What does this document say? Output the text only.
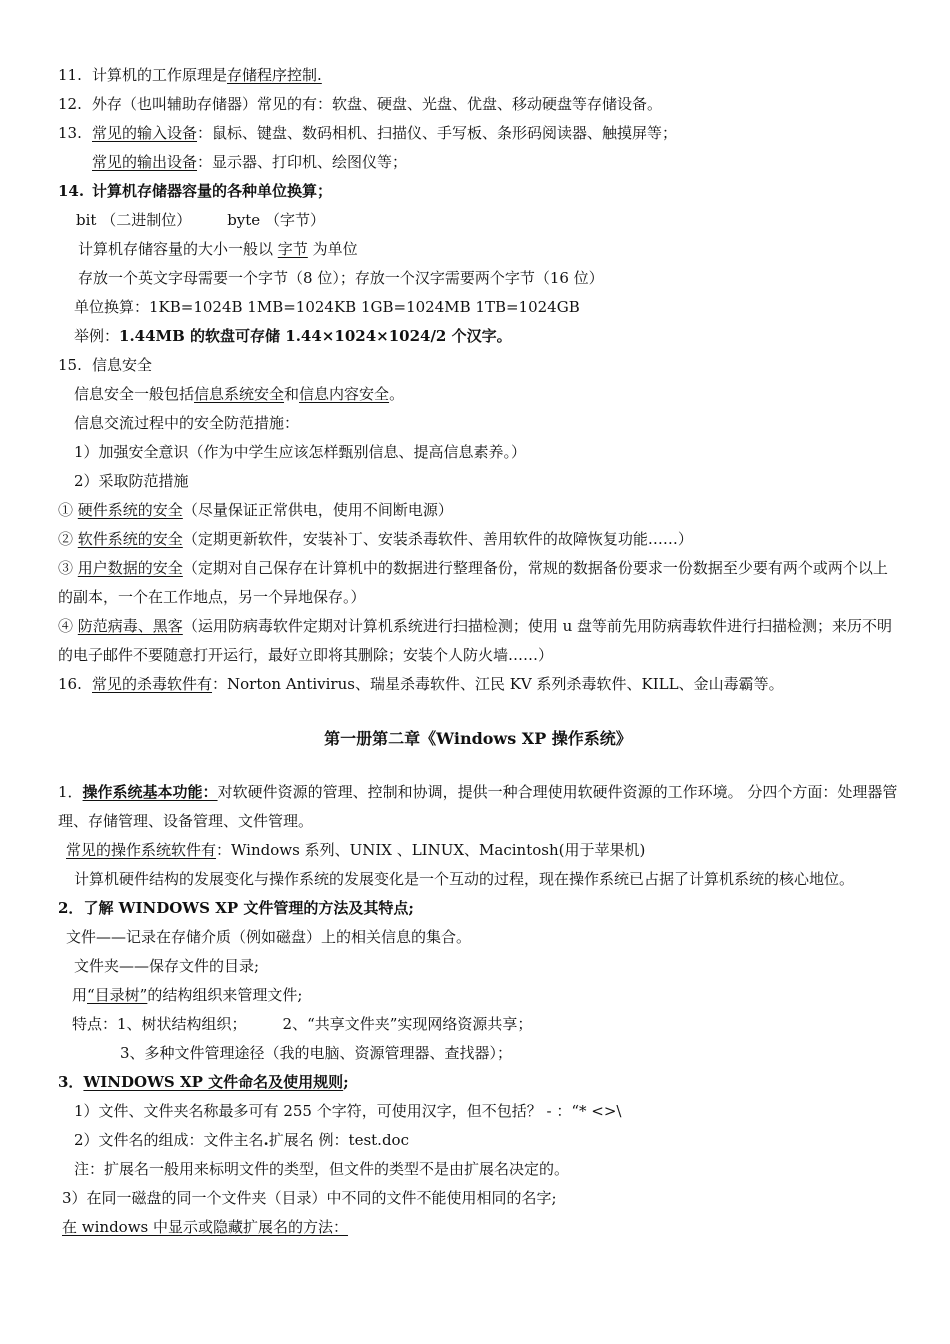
11. 计算机的工作原理是存储程序控制.
12. 外存（也叫辅助存储器）常见的有：软盘、硬盘、光盘、优盘、移动硬盘等存储设备。
13. 常见的输入设备：鼠标、键盘、数码相机、扫描仪、手写板、条形码阅读器、触摸屏等；
常见的输出设备：显示器、打印机、绘图仪等；
14. 计算机存储器容量的各种单位换算；
bit （二进制位） byte （字节）
计算机存储容量的大小一般以 字节 为单位
存放一个英文字母需要一个字节（8 位）；存放一个汉字需要两个字节（16 位）
单位换算：1KB=1024B 1MB=1024KB 1GB=1024MB 1TB=1024GB
举例：1.44MB 的软盘可存储 1.44×1024×1024/2 个汉字。
15. 信息安全
信息安全一般包括信息系统安全和信息内容安全。
信息交流过程中的安全防范措施：
1）加强安全意识（作为中学生应该怎样甄别信息、提高信息素养。）
2）采取防范措施
① 硬件系统的安全（尽量保证正常供电，使用不间断电源）
② 软件系统的安全（定期更新软件，安装补丁、安装杀毒软件、善用软件的故障恢复功能……）
③ 用户数据的安全（定期对自己保存在计算机中的数据进行整理备份，常规的数据备份要求一份数据至少要有两个或两个以上的副本，一个在工作地点，另一个异地保存。）
④ 防范病毒、黑客（运用防病毒软件定期对计算机系统进行扫描检测；使用 u 盘等前先用防病毒软件进行扫描检测；来历不明的电子邮件不要随意打开运行，最好立即将其删除；安装个人防火墙……）
16. 常见的杀毒软件有：Norton Antivirus、瑞星杀毒软件、江民 KV 系列杀毒软件、KILL、金山毒霸等。
第一册第二章《Windows XP 操作系统》
1．操作系统基本功能：对软硬件资源的管理、控制和协调，提供一种合理使用软硬件资源的工作环境。 分四个方面：处理器管理、存储管理、设备管理、文件管理。
常见的操作系统软件有：Windows 系列、UNIX 、LINUX、Macintosh(用于苹果机)
计算机硬件结构的发展变化与操作系统的发展变化是一个互动的过程，现在操作系统已占据了计算机系统的核心地位。
2．了解 WINDOWS XP 文件管理的方法及其特点;
文件——记录在存储介质（例如磁盘）上的相关信息的集合。
文件夹——保存文件的目录;
用“目录树”的结构组织来管理文件;
特点：1、树状结构组织； 2、“共享文件夹”实现网络资源共享；
3、多种文件管理途径（我的电脑、资源管理器、查找器）；
3．WINDOWS XP 文件命名及使用规则;
1）文件、文件夹名称最多可有 255 个字符，可使用汉字，但不包括？ - ：“* <>\
2）文件名的组成：文件主名.扩展名 例：test.doc
注：扩展名一般用来标明文件的类型，但文件的类型不是由扩展名决定的。
3）在同一磁盘的同一个文件夹（目录）中不同的文件不能使用相同的名字;
在 windows 中显示或隐藏扩展名的方法：
